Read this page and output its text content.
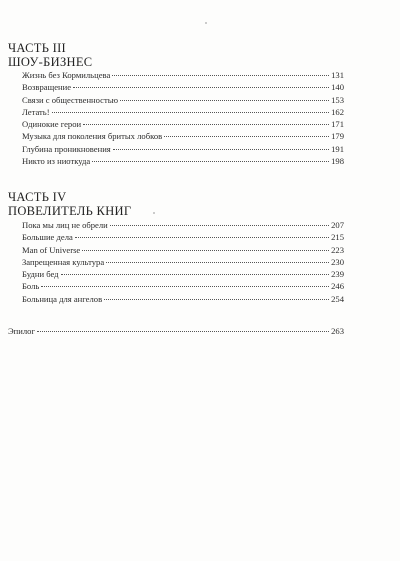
ЧАСТЬ III
ШОУ-БИЗНЕС
Жизнь без Кормильцева	131
Возвращение	140
Связи с общественностью	153
Летать!	162
Одинокие герои	171
Музыка для поколения бритых лобков	179
Глубина проникновения	191
Никто из ниоткуда	198
ЧАСТЬ IV
ПОВЕЛИТЕЛЬ КНИГ
Пока мы лиц не обрели	207
Большие дела	215
Man of Universe	223
Запрещенная культура	230
Будни бед	239
Боль	246
Больница для ангелов	254
Эпилог	263
